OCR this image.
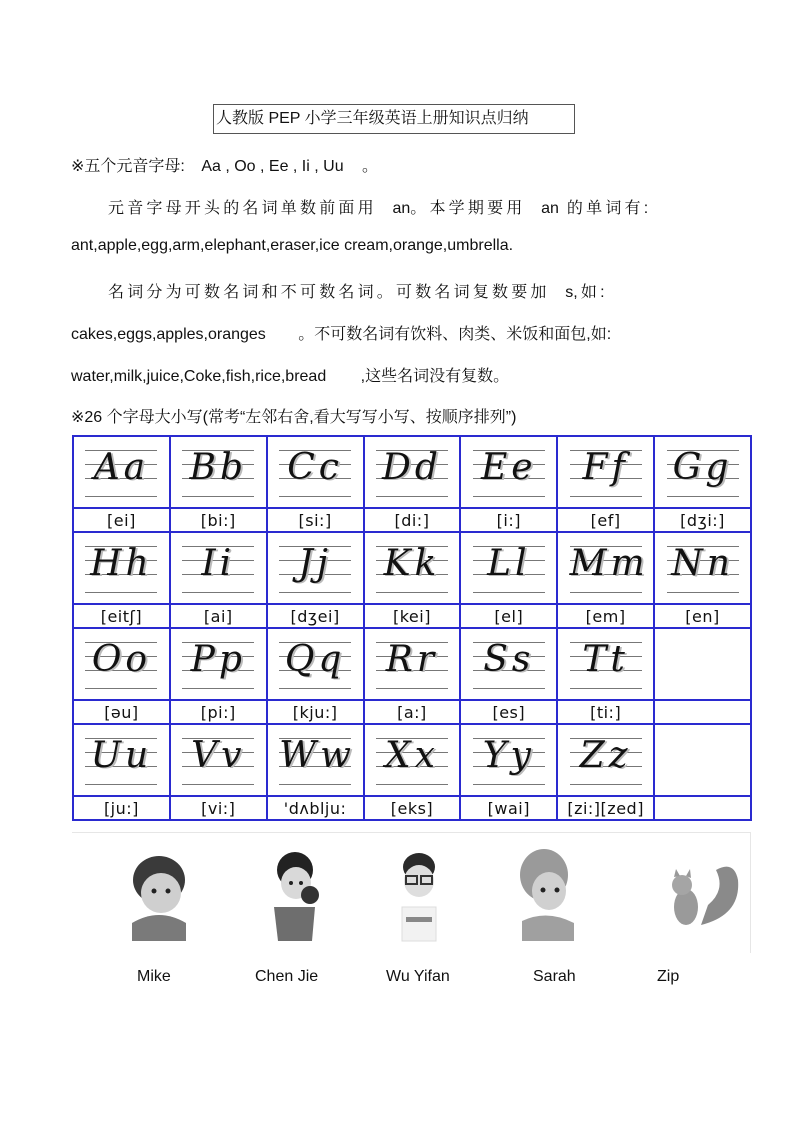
人教版 PEP 小学三年级英语上册知识点归纳
※五个元音字母: Aa , Oo , Ee , Ii , Uu 。
元音字母开头的名词单数前面用 an。本学期要用 an 的单词有:
ant,apple,egg,arm,elephant,eraser,ice cream,orange,umbrella.
名词分为可数名词和不可数名词。可数名词复数要加 s,如:
cakes,eggs,apples,oranges 。不可数名词有饮料、肉类、米饭和面包,如:
water,milk,juice,Coke,fish,rice,bread ,这些名词没有复数。
※26 个字母大小写(常考“左邻右舍,看大写写小写、按顺序排列”)
Aa	Bb	Cc	Dd	Ee	Ff	Gg

[ei]	[bi:]	[si:]	[di:]	[i:]	[ef]	[dʒi:]

Hh	Ii	Jj	Kk	Ll	Mm	Nn

[eitʃ]	[ai]	[dʒei]	[kei]	[el]	[em]	[en]

Oo	Pp	Qq	Rr	Ss	Tt	

[əu]	[pi:]	[kju:]	[a:]	[es]	[ti:]	

Uu	Vv	Ww	Xx	Yy	Zz	

[ju:]	[vi:]	'dʌblju:	[eks]	[wai]	[zi:][zed]	
Mike	Chen Jie	Wu Yifan	Sarah	Zip
